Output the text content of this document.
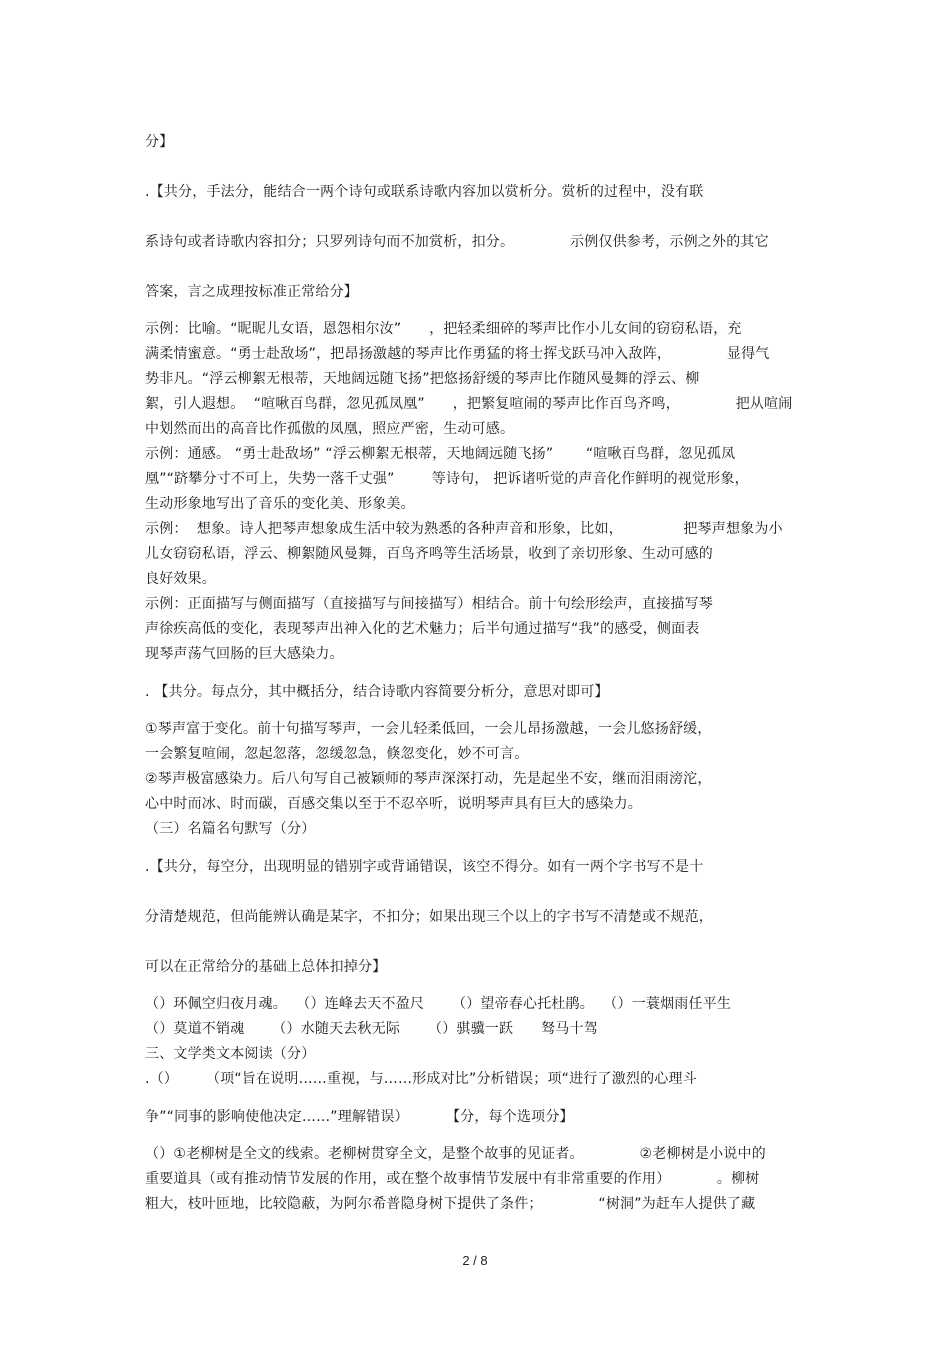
分】
.【共分，手法分，能结合一两个诗句或联系诗歌内容加以赏析分。赏析的过程中，没有联
系诗句或者诗歌内容扣分；只罗列诗句而不加赏析，扣分。            示例仅供参考，示例之外的其它
答案，言之成理按标准正常给分】
示例：比喻。“昵昵儿女语，恩怨相尔汝”      ，把轻柔细碎的琴声比作小儿女间的窃窃私语，充
满柔情蜜意。“勇士赴敌场”，把昂扬激越的琴声比作勇猛的将士挥戈跃马冲入敌阵，            显得气
势非凡。“浮云柳絮无根蒂，天地阔远随飞扬”把悠扬舒缓的琴声比作随风曼舞的浮云、柳
絮，引人遐想。  “喧啾百鸟群，忽见孤凤凰”      ，把繁复喧闹的琴声比作百鸟齐鸣，            把从喧闹
中划然而出的高音比作孤傲的凤凰，照应严密，生动可感。
示例：通感。 “勇士赴敌场” “浮云柳絮无根蒂，天地阔远随飞扬”       “喧啾百鸟群，忽见孤凤
凰”“跻攀分寸不可上，失势一落千丈强”        等诗句， 把诉诸听觉的声音化作鲜明的视觉形象，
生动形象地写出了音乐的变化美、形象美。
示例：  想象。诗人把琴声想象成生活中较为熟悉的各种声音和形象，比如，             把琴声想象为小
儿女窃窃私语，浮云、柳絮随风曼舞，百鸟齐鸣等生活场景，收到了亲切形象、生动可感的
良好效果。
示例：正面描写与侧面描写（直接描写与间接描写）相结合。前十句绘形绘声，直接描写琴
声徐疾高低的变化，表现琴声出神入化的艺术魅力；后半句通过描写“我”的感受，侧面表
现琴声荡气回肠的巨大感染力。
. 【共分。每点分，其中概括分，结合诗歌内容简要分析分，意思对即可】
①琴声富于变化。前十句描写琴声，一会儿轻柔低回，一会儿昂扬激越，一会儿悠扬舒缓，
一会繁复喧闹，忽起忽落，忽缓忽急，倏忽变化，妙不可言。
②琴声极富感染力。后八句写自己被颖师的琴声深深打动，先是起坐不安，继而泪雨滂沱，
心中时而冰、时而碳，百感交集以至于不忍卒听，说明琴声具有巨大的感染力。
（三）名篇名句默写（分）
.【共分，每空分，出现明显的错别字或背诵错误，该空不得分。如有一两个字书写不是十
分清楚规范，但尚能辨认确是某字，不扣分；如果出现三个以上的字书写不清楚或不规范，
可以在正常给分的基础上总体扣掉分】
（）环佩空归夜月魂。  （）连峰去天不盈尺      （）望帝春心托杜鹃。  （）一蓑烟雨任平生
（）莫道不销魂      （）水随天去秋无际      （）骐骥一跃      驽马十驾
三、文学类文本阅读（分）
.（）      （项“旨在说明……重视，与……形成对比”分析错误；项“进行了激烈的心理斗
争”“同事的影响使他决定……”理解错误）        【分，每个选项分】
（）①老柳树是全文的线索。老柳树贯穿全文，是整个故事的见证者。            ②老柳树是小说中的
重要道具（或有推动情节发展的作用，或在整个故事情节发展中有非常重要的作用）          。柳树
粗大，枝叶匝地，比较隐蔽，为阿尔希普隐身树下提供了条件；            “树洞”为赶车人提供了藏
2 / 8
